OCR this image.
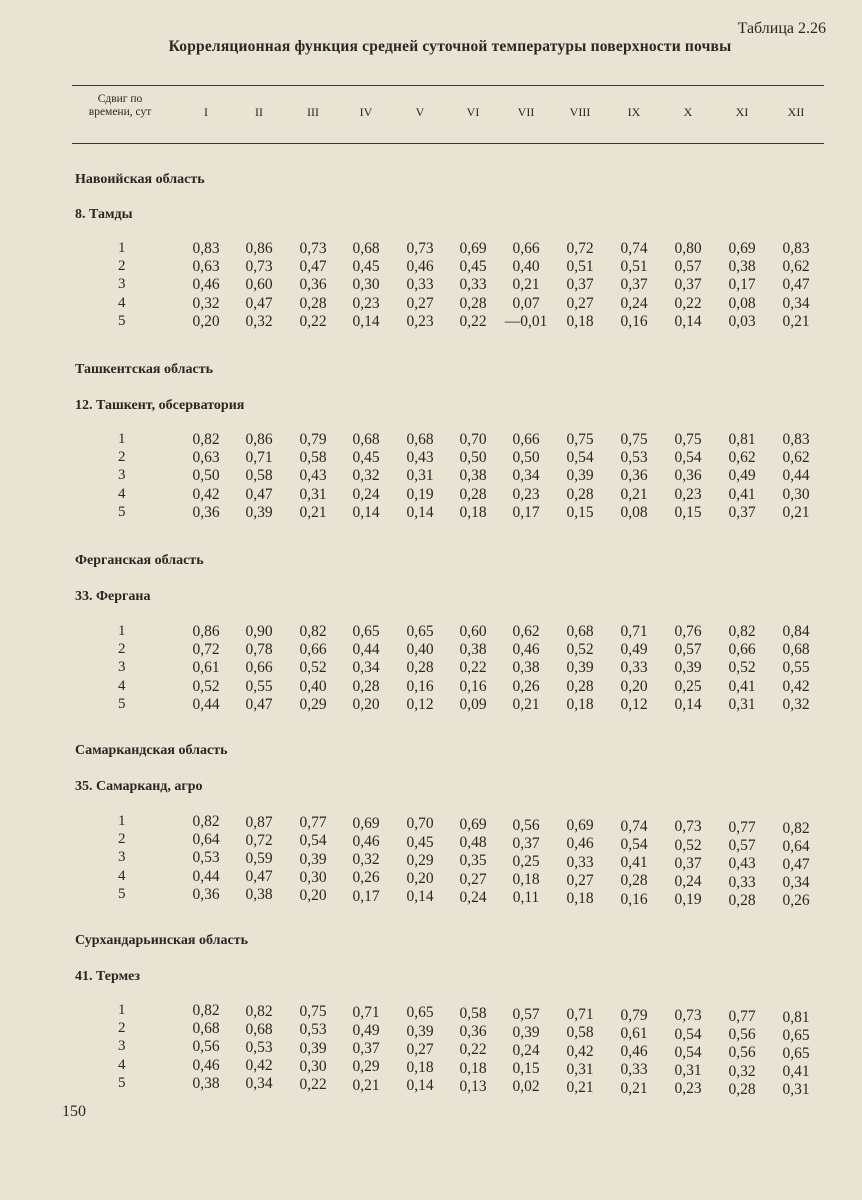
Таблица 2.26
Корреляционная функция средней суточной температуры поверхности почвы
Сдвиг по времени, сут	I	II	III	IV	V	VI	VII	VIII	IX	X	XI	XII
Навоийская область
8. Тамды
1	0,83 0,86 0,73 0,68 0,73 0,69 0,66 0,72 0,74 0,80 0,69 0,83
2	0,63 0,73 0,47 0,45 0,46 0,45 0,40 0,51 0,51 0,57 0,38 0,62
3	0,46 0,60 0,36 0,30 0,33 0,33 0,21 0,37 0,37 0,37 0,17 0,47
4	0,32 0,47 0,28 0,23 0,27 0,28 0,07 0,27 0,24 0,22 0,08 0,34
5	0,20 0,32 0,22 0,14 0,23 0,22 —0,01 0,18 0,16 0,14 0,03 0,21
Ташкентская область
12. Ташкент, обсерватория
1	0,82 0,86 0,79 0,68 0,68 0,70 0,66 0,75 0,75 0,75 0,81 0,83
2	0,63 0,71 0,58 0,45 0,43 0,50 0,50 0,54 0,53 0,54 0,62 0,62
3	0,50 0,58 0,43 0,32 0,31 0,38 0,34 0,39 0,36 0,36 0,49 0,44
4	0,42 0,47 0,31 0,24 0,19 0,28 0,23 0,28 0,21 0,23 0,41 0,30
5	0,36 0,39 0,21 0,14 0,14 0,18 0,17 0,15 0,08 0,15 0,37 0,21
Ферганская область
33. Фергана
1	0,86 0,90 0,82 0,65 0,65 0,60 0,62 0,68 0,71 0,76 0,82 0,84
2	0,72 0,78 0,66 0,44 0,40 0,38 0,46 0,52 0,49 0,57 0,66 0,68
3	0,61 0,66 0,52 0,34 0,28 0,22 0,38 0,39 0,33 0,39 0,52 0,55
4	0,52 0,55 0,40 0,28 0,16 0,16 0,26 0,28 0,20 0,25 0,41 0,42
5	0,44 0,47 0,29 0,20 0,12 0,09 0,21 0,18 0,12 0,14 0,31 0,32
Самаркандская область
35. Самарканд, агро
1	0,82 0,87 0,77 0,69 0,70 0,69 0,56 0,69 0,74 0,73 0,77 0,82
2	0,64 0,72 0,54 0,46 0,45 0,48 0,37 0,46 0,54 0,52 0,57 0,64
3	0,53 0,59 0,39 0,32 0,29 0,35 0,25 0,33 0,41 0,37 0,43 0,47
4	0,44 0,47 0,30 0,26 0,20 0,27 0,18 0,27 0,28 0,24 0,33 0,34
5	0,36 0,38 0,20 0,17 0,14 0,24 0,11 0,18 0,16 0,19 0,28 0,26
Сурхандарьинская область
41. Термез
1	0,82 0,82 0,75 0,71 0,65 0,58 0,57 0,71 0,79 0,73 0,77 0,81
2	0,68 0,68 0,53 0,49 0,39 0,36 0,39 0,58 0,61 0,54 0,56 0,65
3	0,56 0,53 0,39 0,37 0,27 0,22 0,24 0,42 0,46 0,54 0,56 0,65
4	0,46 0,42 0,30 0,29 0,18 0,18 0,15 0,31 0,33 0,31 0,32 0,41
5	0,38 0,34 0,22 0,21 0,14 0,13 0,02 0,21 0,21 0,23 0,28 0,31
150
